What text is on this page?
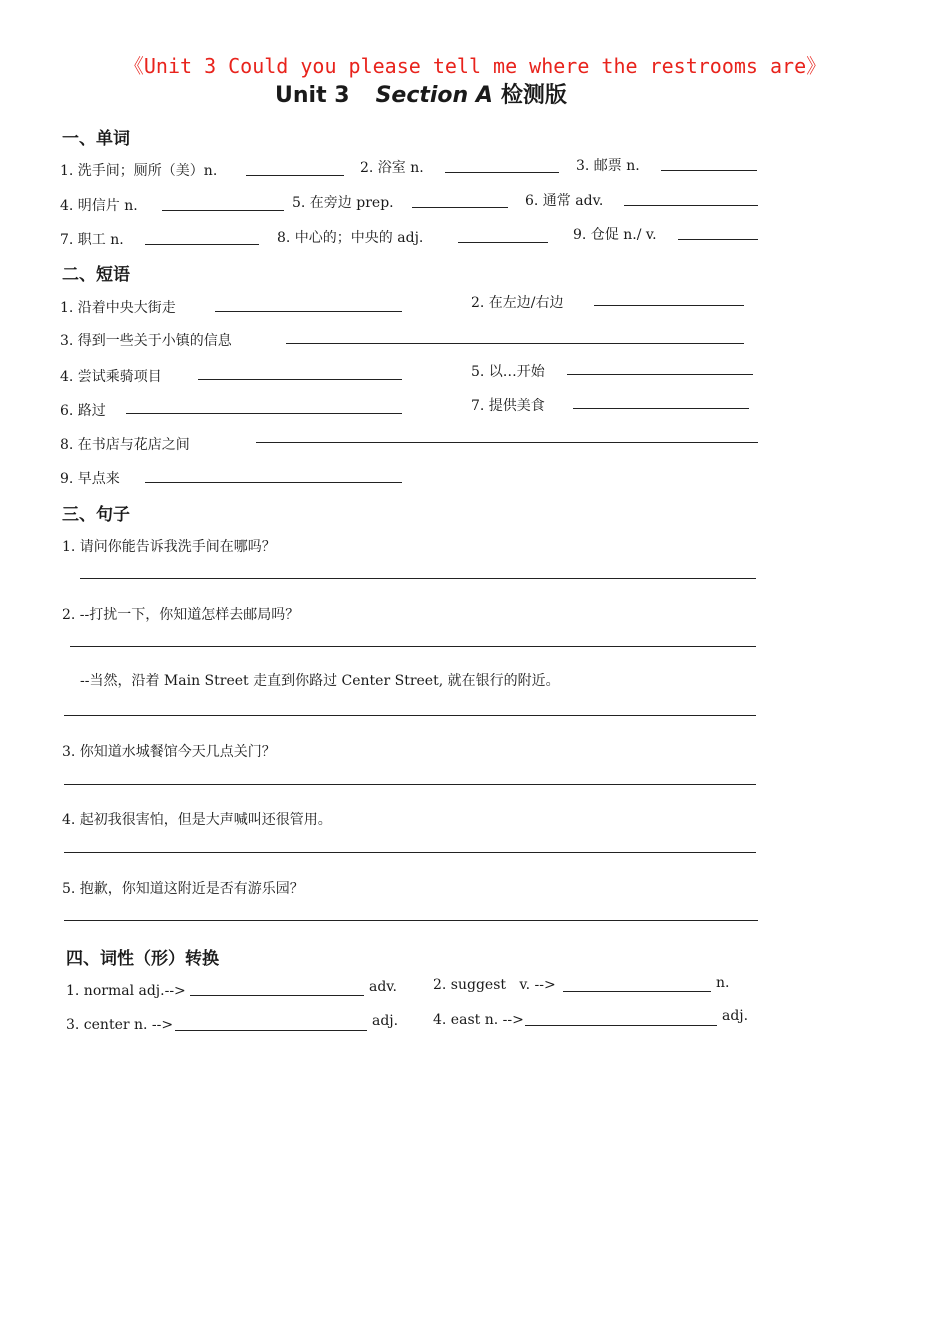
《Unit 3 Could you please tell me where the restrooms are》
Unit 3 Section A 检测版
一、单词
1. 洗手间；厕所（美）n.	2. 浴室 n.	3. 邮票 n.
4. 明信片 n.	5. 在旁边 prep.	6. 通常 adv.
7. 职工 n.	8. 中心的；中央的 adj.	9. 仓促 n./ v.
二、短语
1. 沿着中央大街走	2. 在左边/右边
3. 得到一些关于小镇的信息
4. 尝试乘骑项目	5. 以…开始
6. 路过	7. 提供美食
8. 在书店与花店之间
9. 早点来
三、句子
1. 请问你能告诉我洗手间在哪吗？
2. --打扰一下，你知道怎样去邮局吗？
--当然，沿着 Main Street 走直到你路过 Center Street, 就在银行的附近。
3. 你知道水城餐馆今天几点关门？
4. 起初我很害怕，但是大声喊叫还很管用。
5. 抱歉，你知道这附近是否有游乐园？
四、词性（形）转换
1. normal adj.-->	adv.	2. suggest   v. -->	n.
3. center n. -->	adj. 4. east n. -->	adj.
